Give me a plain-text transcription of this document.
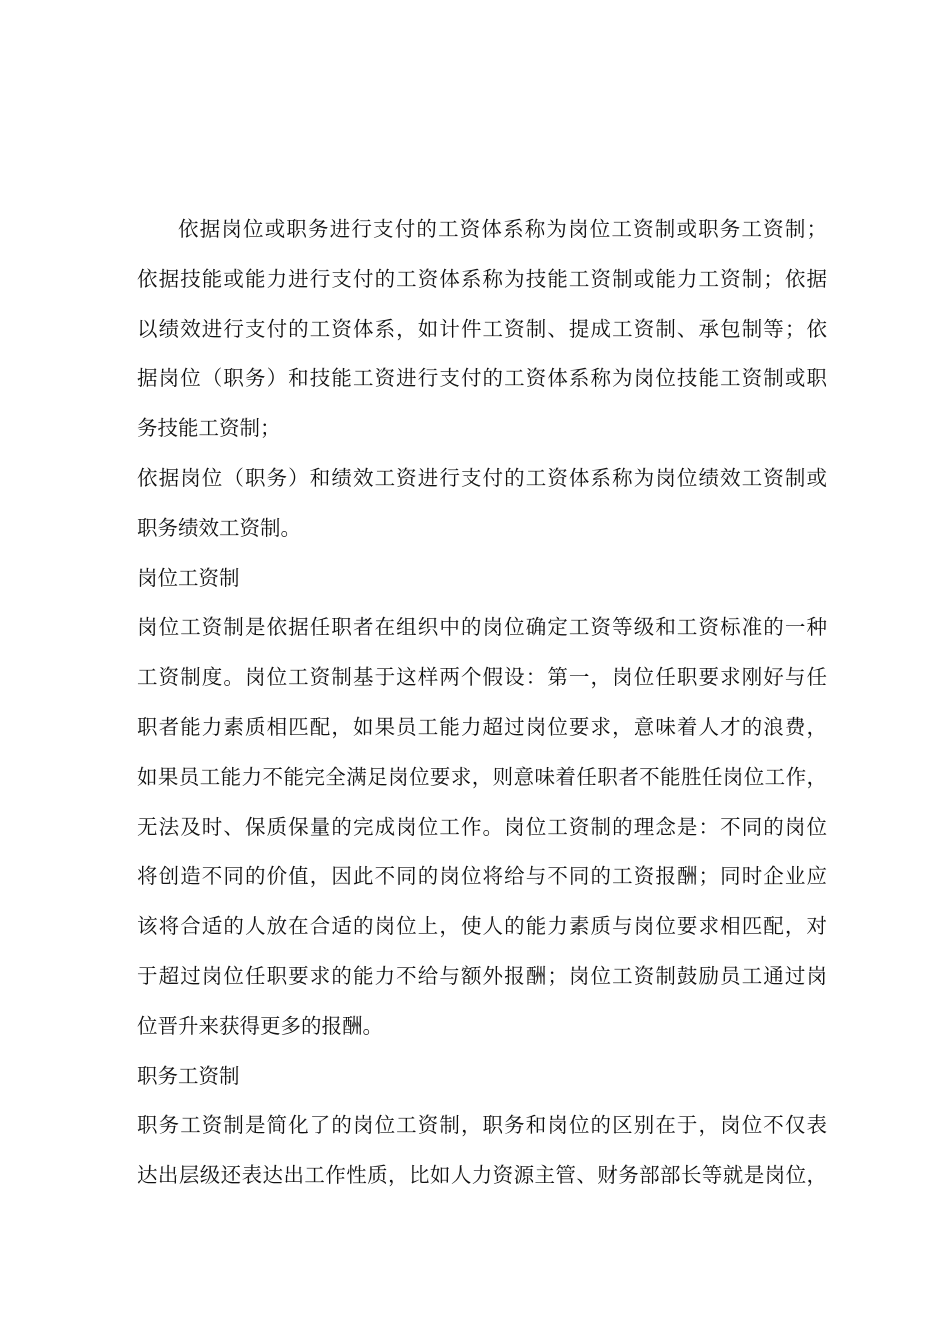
依据岗位或职务进行支付的工资体系称为岗位工资制或职务工资制；
依据技能或能力进行支付的工资体系称为技能工资制或能力工资制；依据
以绩效进行支付的工资体系，如计件工资制、提成工资制、承包制等；依
据岗位（职务）和技能工资进行支付的工资体系称为岗位技能工资制或职
务技能工资制；
依据岗位（职务）和绩效工资进行支付的工资体系称为岗位绩效工资制或
职务绩效工资制。
岗位工资制
岗位工资制是依据任职者在组织中的岗位确定工资等级和工资标准的一种
工资制度。岗位工资制基于这样两个假设：第一，岗位任职要求刚好与任
职者能力素质相匹配，如果员工能力超过岗位要求，意味着人才的浪费，
如果员工能力不能完全满足岗位要求，则意味着任职者不能胜任岗位工作，
无法及时、保质保量的完成岗位工作。岗位工资制的理念是：不同的岗位
将创造不同的价值，因此不同的岗位将给与不同的工资报酬；同时企业应
该将合适的人放在合适的岗位上，使人的能力素质与岗位要求相匹配，对
于超过岗位任职要求的能力不给与额外报酬；岗位工资制鼓励员工通过岗
位晋升来获得更多的报酬。
职务工资制
职务工资制是简化了的岗位工资制，职务和岗位的区别在于，岗位不仅表
达出层级还表达出工作性质，比如人力资源主管、财务部部长等就是岗位，
